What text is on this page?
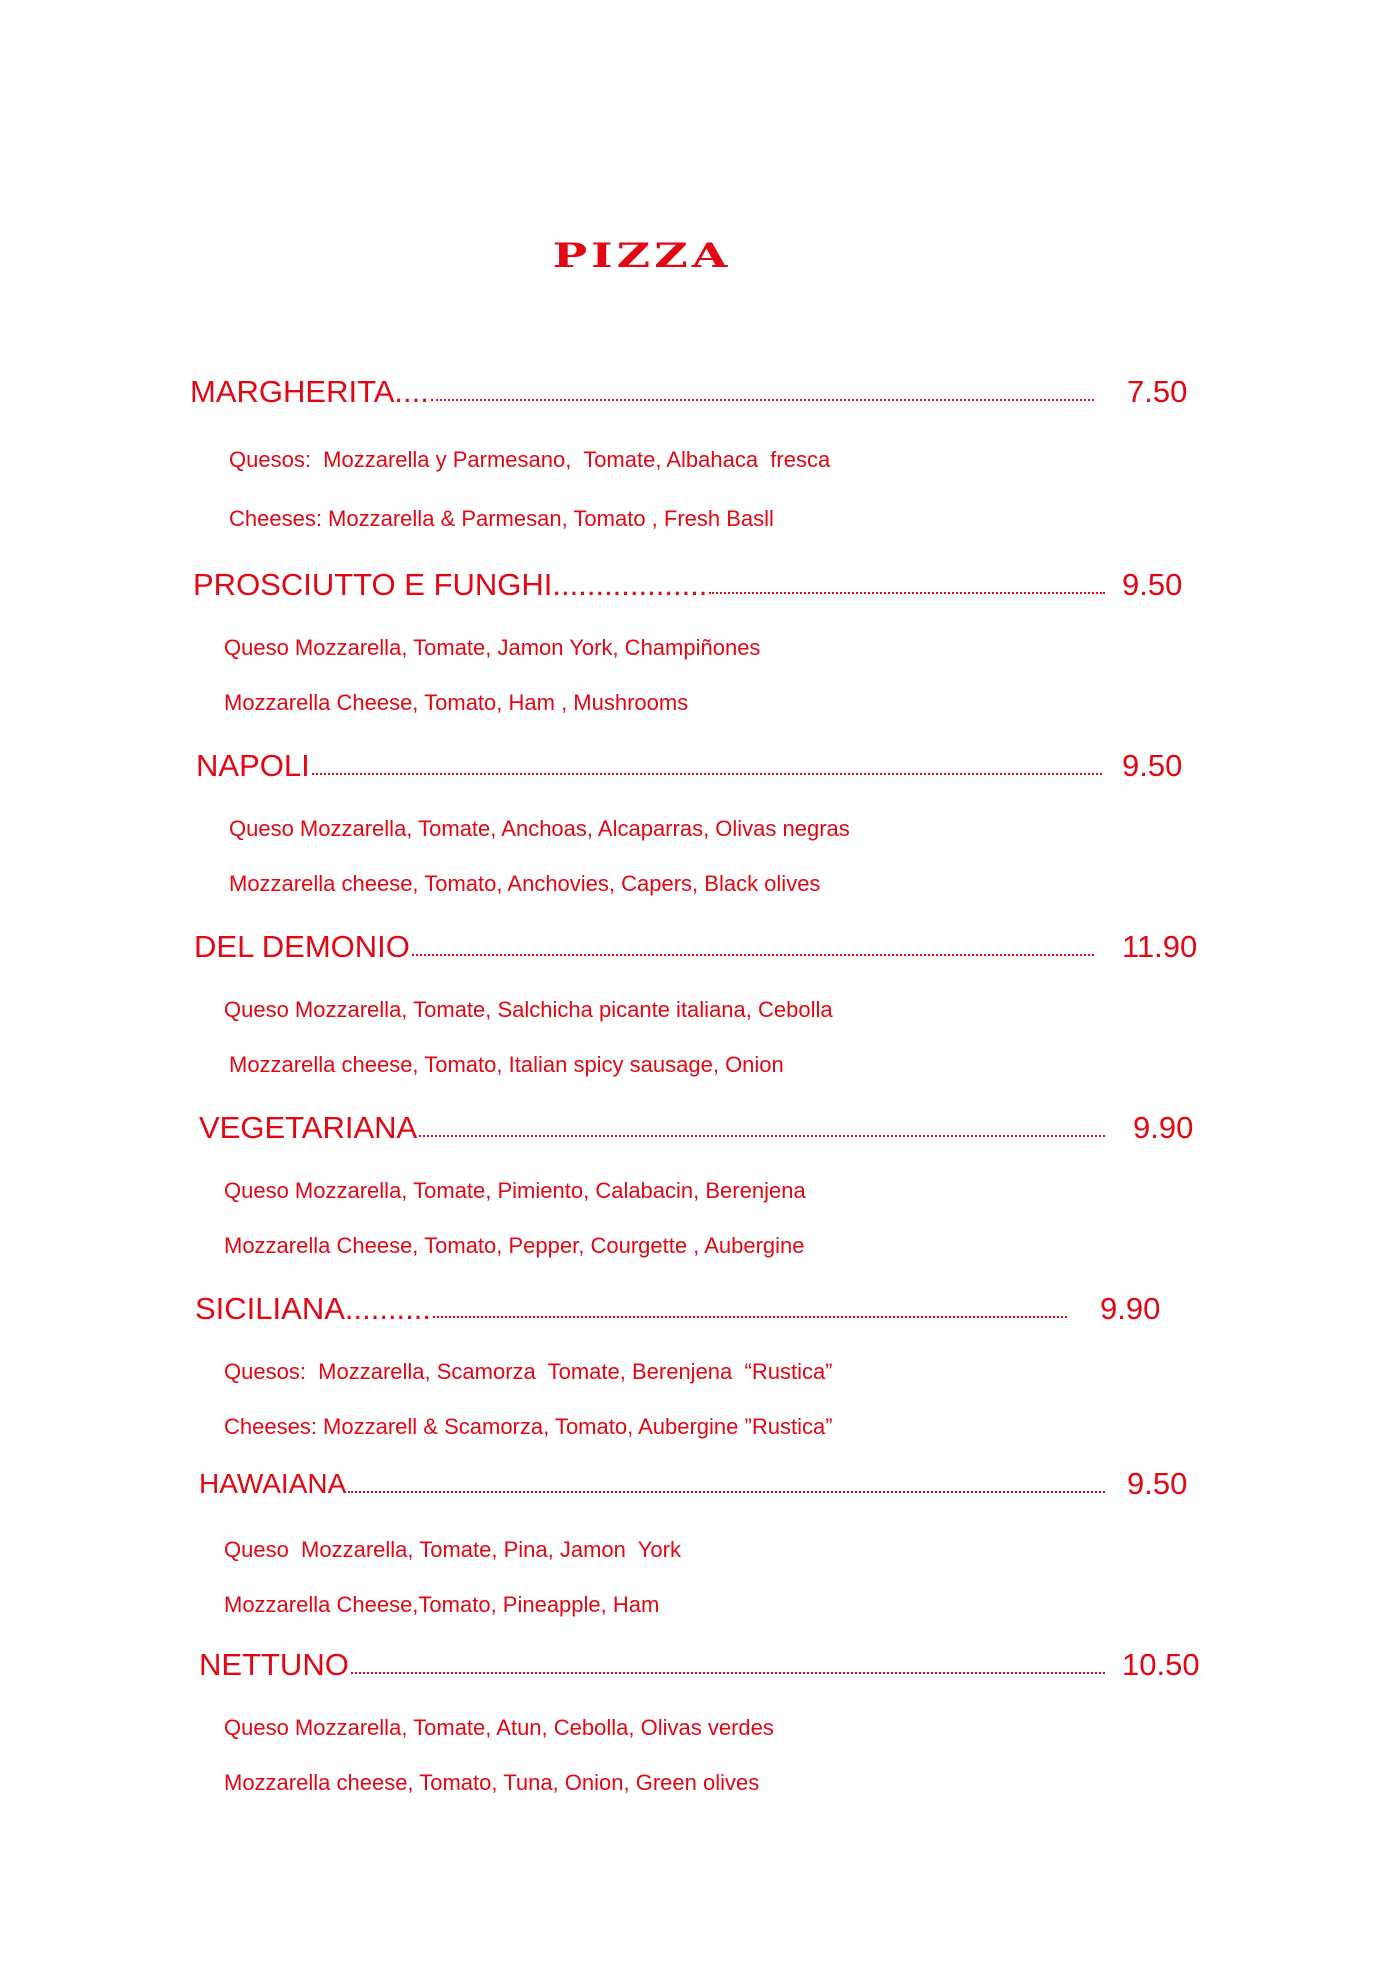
PIZZA
MARGHERITA....	7.50
Quesos:  Mozzarella y Parmesano,  Tomate, Albahaca  fresca
Cheeses: Mozzarella & Parmesan, Tomato , Fresh Basll
PROSCIUTTO E FUNGHI..................	9.50
Queso Mozzarella, Tomate, Jamon York, Champiñones
Mozzarella Cheese, Tomato, Ham , Mushrooms
NAPOLI	9.50
Queso Mozzarella, Tomate, Anchoas, Alcaparras, Olivas negras
Mozzarella cheese, Tomato, Anchovies, Capers, Black olives
DEL DEMONIO	11.90
Queso Mozzarella, Tomate, Salchicha picante italiana, Cebolla
Mozzarella cheese, Tomato, Italian spicy sausage, Onion
VEGETARIANA	9.90
Queso Mozzarella, Tomate, Pimiento, Calabacin, Berenjena
Mozzarella Cheese, Tomato, Pepper, Courgette , Aubergine
SICILIANA..........	9.90
Quesos:  Mozzarella, Scamorza  Tomate, Berenjena  “Rustica”
Cheeses: Mozzarell & Scamorza, Tomato, Aubergine ”Rustica”
HAWAIANA	9.50
Queso  Mozzarella, Tomate, Pina, Jamon  York
Mozzarella Cheese,Tomato, Pineapple, Ham
NETTUNO	10.50
Queso Mozzarella, Tomate, Atun, Cebolla, Olivas verdes
Mozzarella cheese, Tomato, Tuna, Onion, Green olives
